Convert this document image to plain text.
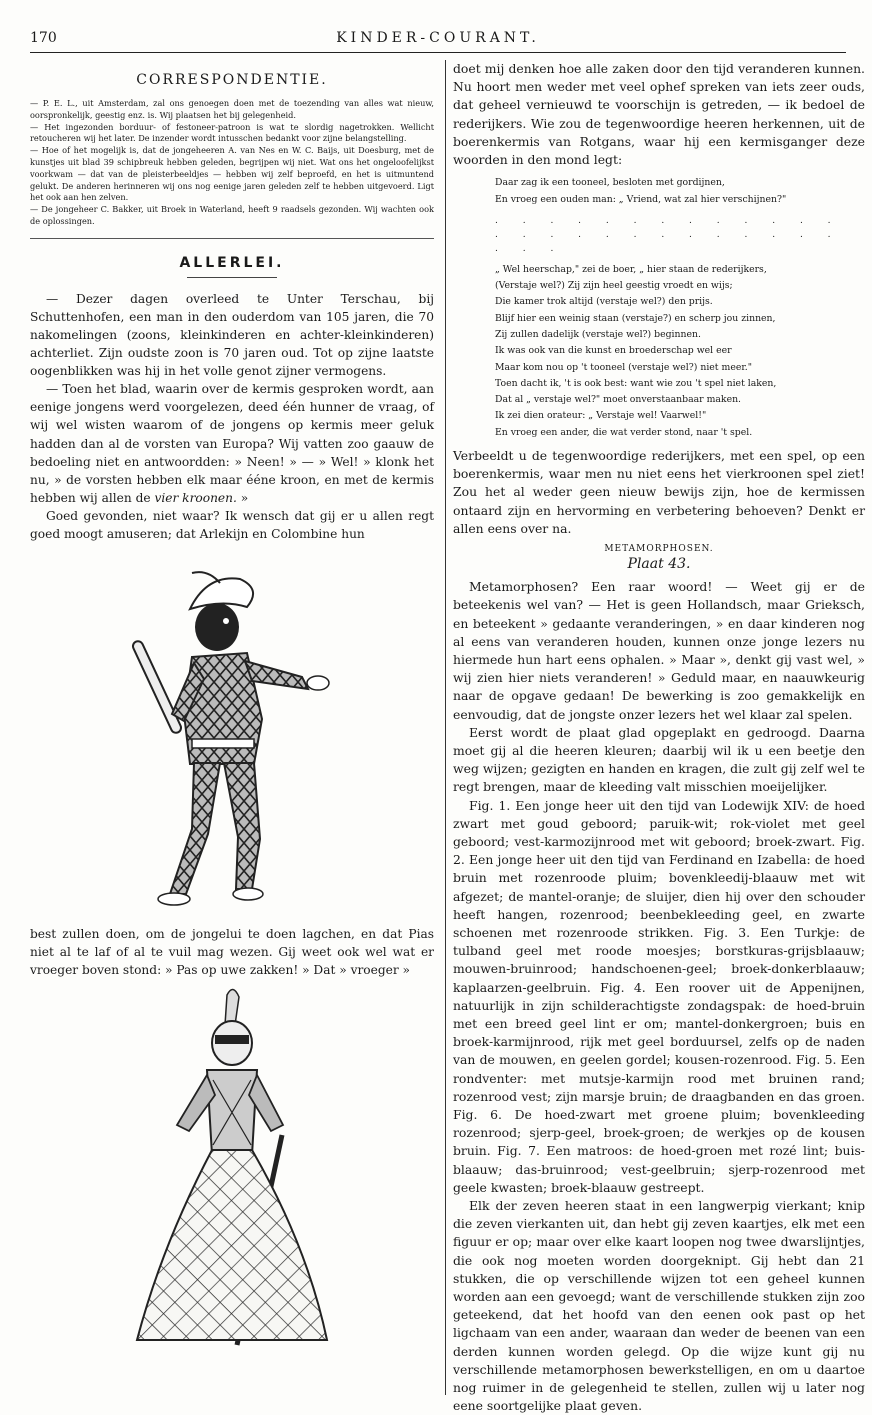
170	KINDER-COURANT.
CORRESPONDENTIE.

— P. E. L., uit Amsterdam, zal ons genoegen doen met de toezending van alles wat nieuw, oorspronkelijk, geestig enz. is. Wij plaatsen het bij gelegenheid.

— Het ingezonden borduur- of festoneer-patroon is wat te slordig nagetrokken. Wellicht retoucheren wij het later. De inzender wordt intusschen bedankt voor zijne belangstelling.

— Hoe of het mogelijk is, dat de jongeheeren A. van Nes en W. C. Baijs, uit Doesburg, met de kunstjes uit blad 39 schipbreuk hebben geleden, begrijpen wij niet. Wat ons het ongeloofelijkst voorkwam — dat van de pleisterbeeldjes — hebben wij zelf beproefd, en het is uitmuntend gelukt. De anderen herinneren wij ons nog eenige jaren geleden zelf te hebben uitgevoerd. Ligt het ook aan hen zelven.

— De jongeheer C. Bakker, uit Broek in Waterland, heeft 9 raadsels gezonden. Wij wachten ook de oplossingen.

ALLERLEI.

— Dezer dagen overleed te Unter Terschau, bij Schuttenhofen, een man in den ouderdom van 105 jaren, die 70 nakomelingen (zoons, kleinkinderen en achter-kleinkinderen) achterliet. Zijn oudste zoon is 70 jaren oud. Tot op zijne laatste oogenblikken was hij in het volle genot zijner vermogens.

— Toen het blad, waarin over de kermis gesproken wordt, aan eenige jongens werd voorgelezen, deed één hunner de vraag, of wij wel wisten waarom of de jongens op kermis meer geluk hadden dan al de vorsten van Europa? Wij vatten zoo gaauw de bedoeling niet en antwoordden: » Neen! » — » Wel! » klonk het nu, » de vorsten hebben elk maar ééne kroon, en met de kermis hebben wij allen de vier kroonen. »

Goed gevonden, niet waar? Ik wensch dat gij er u allen regt goed moogt amuseren; dat Arlekijn en Colombine hun

best zullen doen, om de jongelui te doen lagchen, en dat Pias niet al te laf of al te vuil mag wezen. Gij weet ook wel wat er vroeger boven stond: » Pas op uwe zakken! » Dat » vroeger »

doet mij denken hoe alle zaken door den tijd veranderen kunnen. Nu hoort men weder met veel ophef spreken van iets zeer ouds, dat geheel vernieuwd te voorschijn is getreden, — ik bedoel de rederijkers. Wie zou de tegenwoordige heeren herkennen, uit de boerenkermis van Rotgans, waar hij een kermisganger deze woorden in den mond legt:

Daar zag ik een tooneel, besloten met gordijnen,

En vroeg een ouden man: „ Vriend, wat zal hier verschijnen?"

. . . . . . . . . . . . . . . . . . . . . . . . . . . . .

„ Wel heerschap," zei de boer, „ hier staan de rederijkers,

(Verstaje wel?) Zij zijn heel geestig vroedt en wijs;

Die kamer trok altijd (verstaje wel?) den prijs.

Blijf hier een weinig staan (verstaje?) en scherp jou zinnen,

Zij zullen dadelijk (verstaje wel?) beginnen.

Ik was ook van die kunst en broederschap wel eer

Maar kom nou op 't tooneel (verstaje wel?) niet meer."

Toen dacht ik, 't is ook best: want wie zou 't spel niet laken,

Dat al „ verstaje wel?" moet onverstaanbaar maken.

Ik zei dien orateur: „ Verstaje wel! Vaarwel!"

En vroeg een ander, die wat verder stond, naar 't spel.

Verbeeldt u de tegenwoordige rederijkers, met een spel, op een boerenkermis, waar men nu niet eens het vierkroonen spel ziet! Zou het al weder geen nieuw bewijs zijn, hoe de kermissen ontaard zijn en hervorming en verbetering behoeven? Denkt er allen eens over na.

METAMORPHOSEN.
Plaat 43.

Metamorphosen? Een raar woord! — Weet gij er de beteekenis wel van? — Het is geen Hollandsch, maar Grieksch, en beteekent » gedaante veranderingen, » en daar kinderen nog al eens van veranderen houden, kunnen onze jonge lezers nu hiermede hun hart eens ophalen. » Maar », denkt gij vast wel, » wij zien hier niets veranderen! » Geduld maar, en naauwkeurig naar de opgave gedaan! De bewerking is zoo gemakkelijk en eenvoudig, dat de jongste onzer lezers het wel klaar zal spelen.

Eerst wordt de plaat glad opgeplakt en gedroogd. Daarna moet gij al die heeren kleuren; daarbij wil ik u een beetje den weg wijzen; gezigten en handen en kragen, die zult gij zelf wel te regt brengen, maar de kleeding valt misschien moeijelijker.

Fig. 1. Een jonge heer uit den tijd van Lodewijk XIV: de hoed zwart met goud geboord; paruik-wit; rok-violet met geel geboord; vest-karmozijnrood met wit geboord; broek-zwart. Fig. 2. Een jonge heer uit den tijd van Ferdinand en Izabella: de hoed bruin met rozenroode pluim; bovenkleedij-blaauw met wit afgezet; de mantel-oranje; de sluijer, dien hij over den schouder heeft hangen, rozenrood; beenbekleeding geel, en zwarte schoenen met rozenroode strikken. Fig. 3. Een Turkje: de tulband geel met roode moesjes; borstkuras-grijsblaauw; mouwen-bruinrood; handschoenen-geel; broek-donkerblaauw; kaplaarzen-geelbruin. Fig. 4. Een roover uit de Appenijnen, natuurlijk in zijn schilderachtigste zondagspak: de hoed-bruin met een breed geel lint er om; mantel-donkergroen; buis en broek-karmijnrood, rijk met geel borduursel, zelfs op de naden van de mouwen, en geelen gordel; kousen-rozenrood. Fig. 5. Een rondventer: met mutsje-karmijn rood met bruinen rand; rozenrood vest; zijn marsje bruin; de draagbanden en das groen. Fig. 6. De hoed-zwart met groene pluim; bovenkleeding rozenrood; sjerp-geel, broek-groen; de werkjes op de kousen bruin. Fig. 7. Een matroos: de hoed-groen met rozé lint; buis-blaauw; das-bruinrood; vest-geelbruin; sjerp-rozenrood met geele kwasten; broek-blaauw gestreept.

Elk der zeven heeren staat in een langwerpig vierkant; knip die zeven vierkanten uit, dan hebt gij zeven kaartjes, elk met een figuur er op; maar over elke kaart loopen nog twee dwarslijntjes, die ook nog moeten worden doorgeknipt. Gij hebt dan 21 stukken, die op verschillende wijzen tot een geheel kunnen worden aan een gevoegd; want de verschillende stukken zijn zoo geteekend, dat het hoofd van den eenen ook past op het ligchaam van een ander, waaraan dan weder de beenen van een derden kunnen worden gelegd. Op die wijze kunt gij nu verschillende metamorphosen bewerkstelligen, en om u daartoe nog ruimer in de gelegenheid te stellen, zullen wij u later nog eene soortgelijke plaat geven.
